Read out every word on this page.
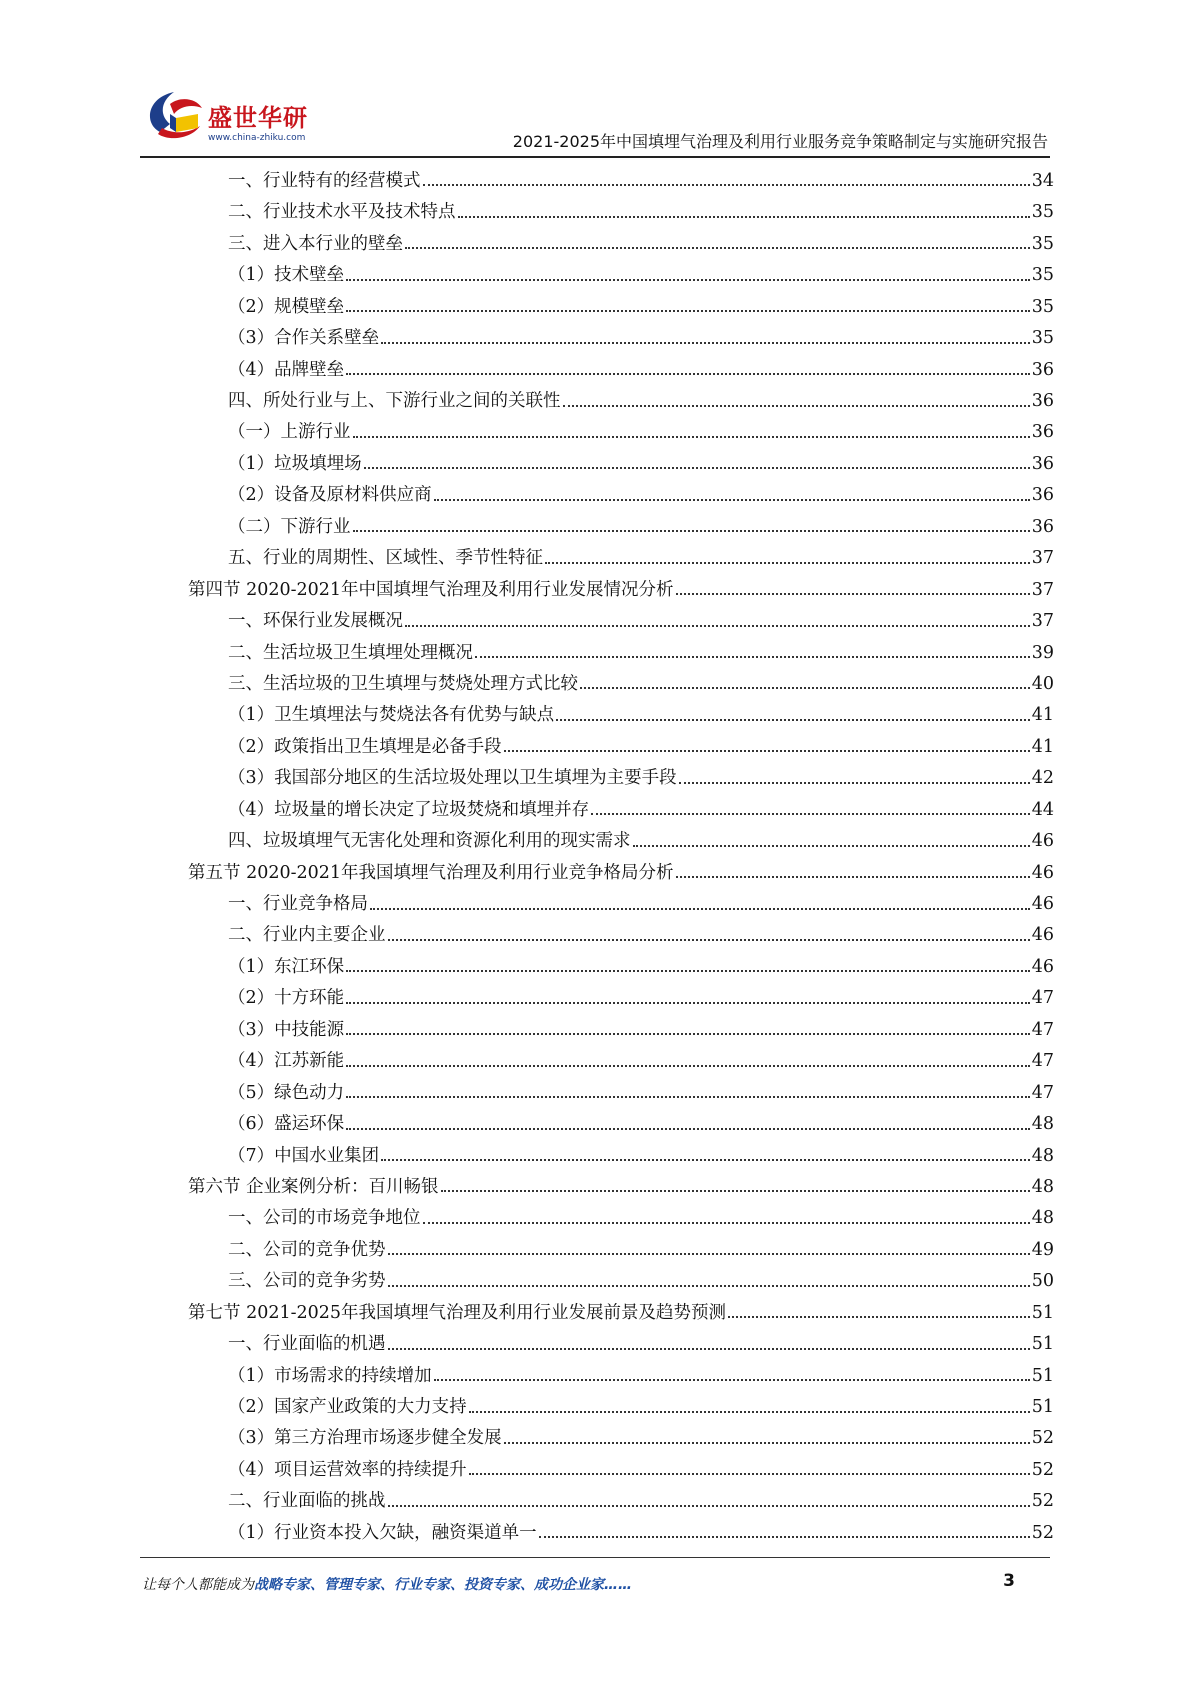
盛世华研
www.china-zhiku.com	2021-2025年中国填埋气治理及利用行业服务竞争策略制定与实施研究报告
一、行业特有的经营模式	34
二、行业技术水平及技术特点	35
三、进入本行业的壁垒	35
（1）技术壁垒	35
（2）规模壁垒	35
（3）合作关系壁垒	35
（4）品牌壁垒	36
四、所处行业与上、下游行业之间的关联性	36
（一）上游行业	36
（1）垃圾填埋场	36
（2）设备及原材料供应商	36
（二）下游行业	36
五、行业的周期性、区域性、季节性特征	37
第四节 2020-2021年中国填埋气治理及利用行业发展情况分析	37
一、环保行业发展概况	37
二、生活垃圾卫生填埋处理概况	39
三、生活垃圾的卫生填埋与焚烧处理方式比较	40
（1）卫生填埋法与焚烧法各有优势与缺点	41
（2）政策指出卫生填埋是必备手段	41
（3）我国部分地区的生活垃圾处理以卫生填埋为主要手段	42
（4）垃圾量的增长决定了垃圾焚烧和填埋并存	44
四、垃圾填埋气无害化处理和资源化利用的现实需求	46
第五节 2020-2021年我国填埋气治理及利用行业竞争格局分析	46
一、行业竞争格局	46
二、行业内主要企业	46
（1）东江环保	46
（2）十方环能	47
（3）中技能源	47
（4）江苏新能	47
（5）绿色动力	47
（6）盛运环保	48
（7）中国水业集团	48
第六节 企业案例分析：百川畅银	48
一、公司的市场竞争地位	48
二、公司的竞争优势	49
三、公司的竞争劣势	50
第七节 2021-2025年我国填埋气治理及利用行业发展前景及趋势预测	51
一、行业面临的机遇	51
（1）市场需求的持续增加	51
（2）国家产业政策的大力支持	51
（3）第三方治理市场逐步健全发展	52
（4）项目运营效率的持续提升	52
二、行业面临的挑战	52
（1）行业资本投入欠缺，融资渠道单一	52
让每个人都能成为战略专家、管理专家、行业专家、投资专家、成功企业家……	3
